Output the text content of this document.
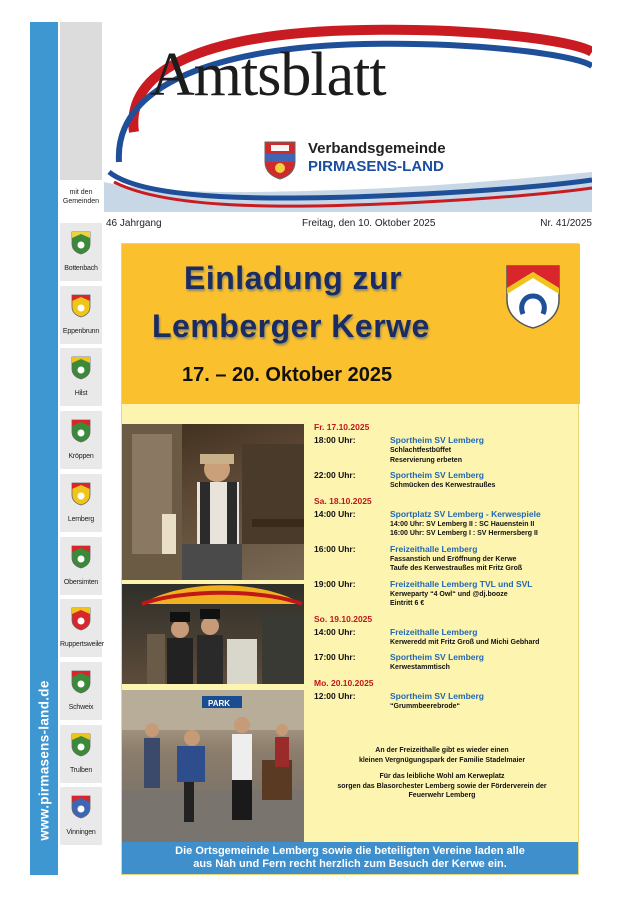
www.pirmasens-land.de
mit den
Gemeinden
Bottenbach
Eppenbrunn
Hilst
Kröppen
Lemberg
Obersimten
Ruppertsweiler
Schweix
Trulben
Vinningen
Amtsblatt
Verbandsgemeinde
PIRMASENS-LAND
46 Jahrgang	Freitag, den 10. Oktober 2025	Nr. 41/2025
Einladung zur
Lemberger Kerwe
17. – 20. Oktober 2025
PARK
Fr. 17.10.2025
18:00 Uhr:	Sportheim SV Lemberg
Schlachtfestbüffet
Reservierung erbeten
22:00 Uhr:	Sportheim SV Lemberg
Schmücken des Kerwestraußes
Sa. 18.10.2025
14:00 Uhr:	Sportplatz SV Lemberg - Kerwespiele
14:00 Uhr: SV Lemberg II : SC Hauenstein II
16:00 Uhr: SV Lemberg I : SV Hermersberg II
16:00 Uhr:	Freizeithalle Lemberg
Fassanstich und Eröffnung der Kerwe
Taufe des Kerwestraußes mit Fritz Groß
19:00 Uhr:	Freizeithalle Lemberg TVL und SVL
Kerweparty “4 Owl“ und @dj.booze
Eintritt 6 €
So. 19.10.2025
14:00 Uhr:	Freizeithalle Lemberg
Kerweredd mit Fritz Groß und Michi Gebhard
17:00 Uhr:	Sportheim SV Lemberg
Kerwestammtisch
Mo. 20.10.2025
12:00 Uhr:	Sportheim SV Lemberg
“Grummbeerebrode“
An der Freizeithalle gibt es wieder einen
kleinen Vergnügungspark der Familie Stadelmaier
Für das leibliche Wohl am Kerweplatz
sorgen das Blasorchester Lemberg sowie der Förderverein der
Feuerwehr Lemberg
Die Ortsgemeinde Lemberg sowie die beteiligten Vereine laden alle
aus Nah und Fern recht herzlich zum Besuch der Kerwe ein.
